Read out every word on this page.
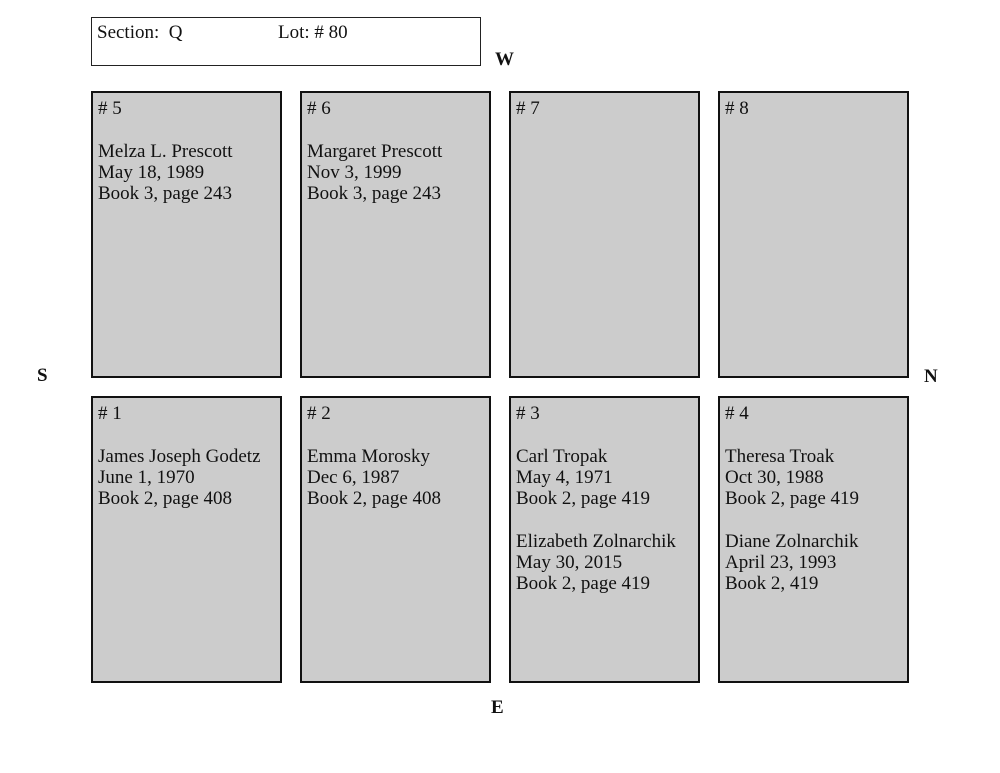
Section:  Q	Lot: # 80
W
E
S	N
# 5
Melza L. Prescott
May 18, 1989
Book 3, page 243
# 6
Margaret Prescott
Nov 3, 1999
Book 3, page 243
# 7	# 8
# 1
James Joseph Godetz
June 1, 1970
Book 2, page 408
# 2
Emma Morosky
Dec 6, 1987
Book 2, page 408
# 3
Carl Tropak
May 4, 1971
Book 2, page 419
Elizabeth Zolnarchik
May 30, 2015
Book 2, page 419
# 4
Theresa Troak
Oct 30, 1988
Book 2, page 419
Diane Zolnarchik
April 23, 1993
Book 2, 419
